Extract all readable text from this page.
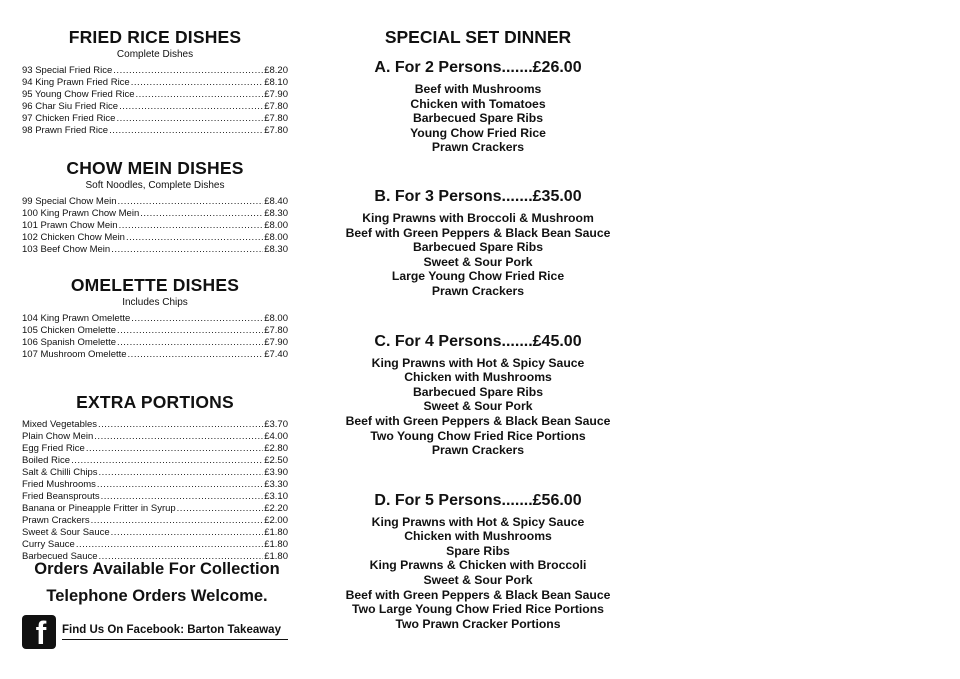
FRIED RICE DISHES

Complete Dishes

93 Special Fried Rice .....	£8.20
94 King Prawn Fried Rice .....	£8.10
95 Young Chow Fried Rice .....	£7.90
96 Char Siu Fried Rice .....	£7.80
97 Chicken Fried Rice .....	£7.80
98 Prawn Fried Rice .....	£7.80
CHOW MEIN DISHES

Soft Noodles, Complete Dishes

99 Special Chow Mein .....	£8.40
100 King Prawn Chow Mein .....	£8.30
101 Prawn Chow Mein .....	£8.00
102 Chicken Chow Mein .....	£8.00
103 Beef Chow Mein .....	£8.30
OMELETTE DISHES

Includes Chips

104 King Prawn Omelette .....	£8.00
105 Chicken Omelette .....	£7.80
106 Spanish Omelette .....	£7.90
107 Mushroom Omelette .....	£7.40
EXTRA PORTIONS
Mixed Vegetables .....	£3.70
Plain Chow Mein .....	£4.00
Egg Fried Rice .....	£2.80
Boiled Rice .....	£2.50
Salt & Chilli Chips .....	£3.90
Fried Mushrooms .....	£3.30
Fried Beansprouts .....	£3.10
Banana or Pineapple Fritter in Syrup .....	£2.20
Prawn Crackers .....	£2.00
Sweet & Sour Sauce .....	£1.80
Curry Sauce .....	£1.80
Barbecued Sauce .....	£1.80
Orders Available For Collection
Telephone Orders Welcome.
f Find Us On Facebook: Barton Takeaway
SPECIAL SET DINNER
A. For 2 Persons.......£26.00
Beef with Mushrooms
Chicken with Tomatoes
Barbecued Spare Ribs
Young Chow Fried Rice
Prawn Crackers
B. For 3 Persons.......£35.00
King Prawns with Broccoli & Mushroom
Beef with Green Peppers & Black Bean Sauce
Barbecued Spare Ribs
Sweet & Sour Pork
Large Young Chow Fried Rice
Prawn Crackers
C. For 4 Persons.......£45.00
King Prawns with Hot & Spicy Sauce
Chicken with Mushrooms
Barbecued Spare Ribs
Sweet & Sour Pork
Beef with Green Peppers & Black Bean Sauce
Two Young Chow Fried Rice Portions
Prawn Crackers
D. For 5 Persons.......£56.00
King Prawns with Hot & Spicy Sauce
Chicken with Mushrooms
Spare Ribs
King Prawns & Chicken with Broccoli
Sweet & Sour Pork
Beef with Green Peppers & Black Bean Sauce
Two Large Young Chow Fried Rice Portions
Two Prawn Cracker Portions
